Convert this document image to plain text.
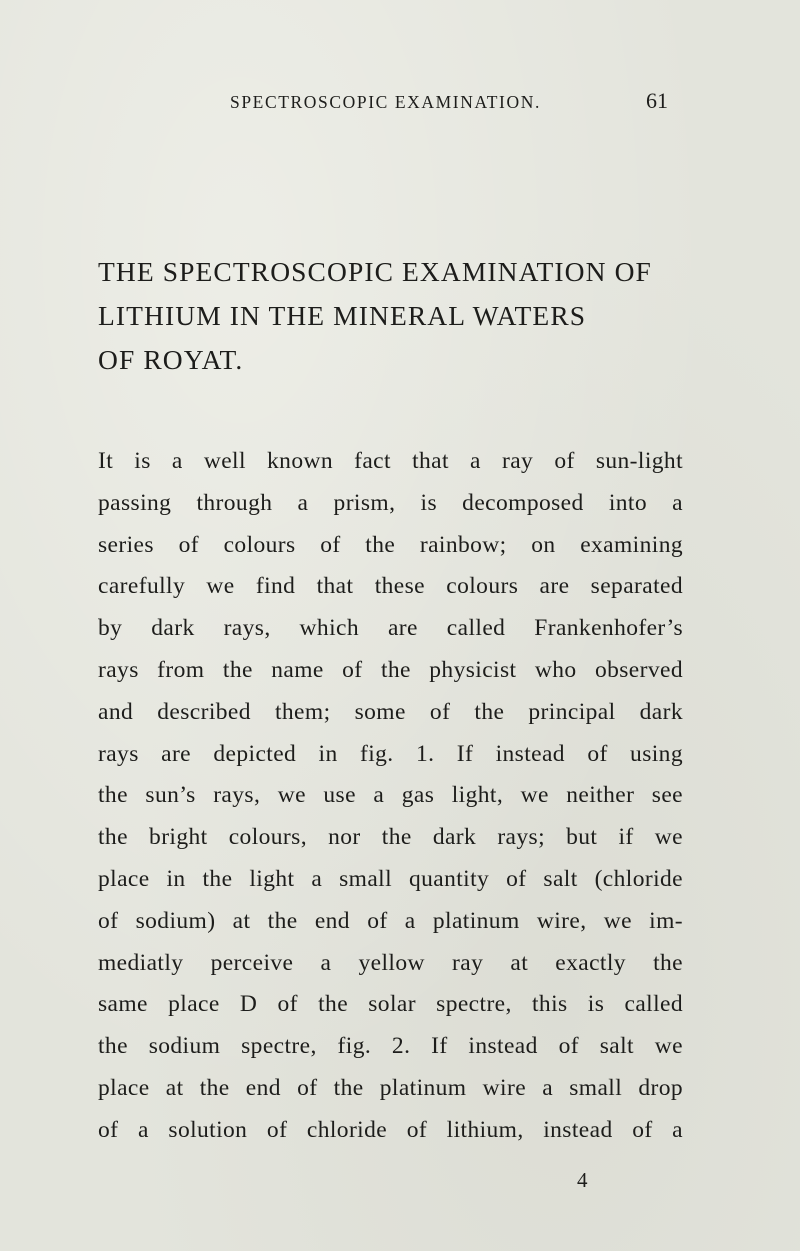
SPECTROSCOPIC EXAMINATION.	61
THE SPECTROSCOPIC EXAMINATION OF
LITHIUM IN THE MINERAL WATERS
OF ROYAT.
It is a well known fact that a ray of sun-light
passing through a prism, is decomposed into a
series of colours of the rainbow; on examining
carefully we find that these colours are separated
by dark rays, which are called Frankenhofer’s
rays from the name of the physicist who observed
and described them; some of the principal dark
rays are depicted in fig. 1. If instead of using
the sun’s rays, we use a gas light, we neither see
the bright colours, nor the dark rays; but if we
place in the light a small quantity of salt (chloride
of sodium) at the end of a platinum wire, we im-
mediatly perceive a yellow ray at exactly the
same place D of the solar spectre, this is called
the sodium spectre, fig. 2. If instead of salt we
place at the end of the platinum wire a small drop
of a solution of chloride of lithium, instead of a
4
